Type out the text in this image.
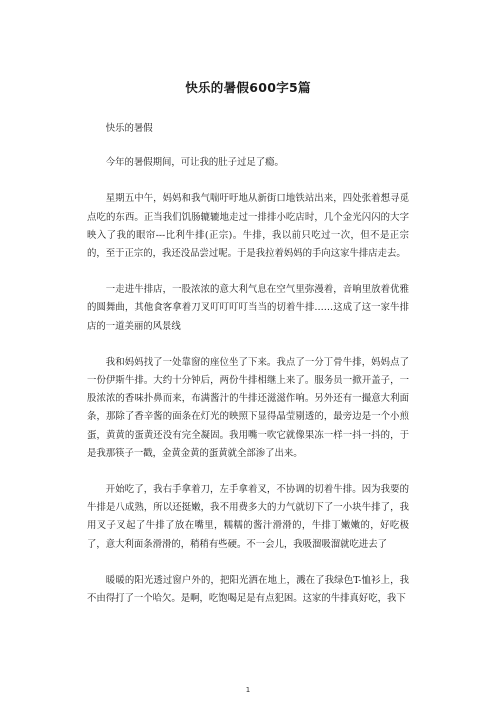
快乐的暑假600字5篇

快乐的暑假

今年的暑假期间，可让我的肚子过足了瘾。

星期五中午，妈妈和我气喘吁吁地从新街口地铁站出来，四处张着想寻觅点吃的东西。正当我们饥肠辘辘地走过一排排小吃店时，几个金光闪闪的大字映入了我的眼帘---比利牛排(正宗)。牛排，我以前只吃过一次，但不是正宗的，至于正宗的，我还没品尝过呢。于是我拉着妈妈的手向这家牛排店走去。

一走进牛排店，一股浓浓的意大利气息在空气里弥漫着，音响里放着优雅的圆舞曲，其他食客拿着刀叉叮叮叮叮当当的切着牛排……这成了这一家牛排店的一道美丽的风景线

我和妈妈找了一处靠窗的座位坐了下来。我点了一分丁骨牛排，妈妈点了一份伊斯牛排。大约十分钟后，两份牛排相继上来了。服务员一掀开盖子，一股浓浓的香味扑鼻而来，布满酱汁的牛排还滋滋作响。另外还有一撮意大利面条，那除了香辛酱的面条在灯光的映照下显得晶莹剔透的，最旁边是一个小煎蛋，黄黄的蛋黄还没有完全凝固。我用嘴一吹它就像果冻一样一抖一抖的，于是我那筷子一戳，金黄金黄的蛋黄就全部渗了出来。

开始吃了，我右手拿着刀，左手拿着叉，不协调的切着牛排。因为我要的牛排是八成熟，所以还挺嫩，我不用费多大的力气就切下了一小块牛排了，我用叉子叉起了牛排了放在嘴里，糯糯的酱汁滑滑的，牛排丁嫩嫩的，好吃极了，意大利面条滑滑的，稍稍有些硬。不一会儿，我吸溜吸溜就吃进去了

暖暖的阳光透过窗户外的，把阳光洒在地上，溅在了我绿色T-恤衫上，我不由得打了一个哈欠。是啊，吃饱喝足是有点犯困。这家的牛排真好吃，我下

1
